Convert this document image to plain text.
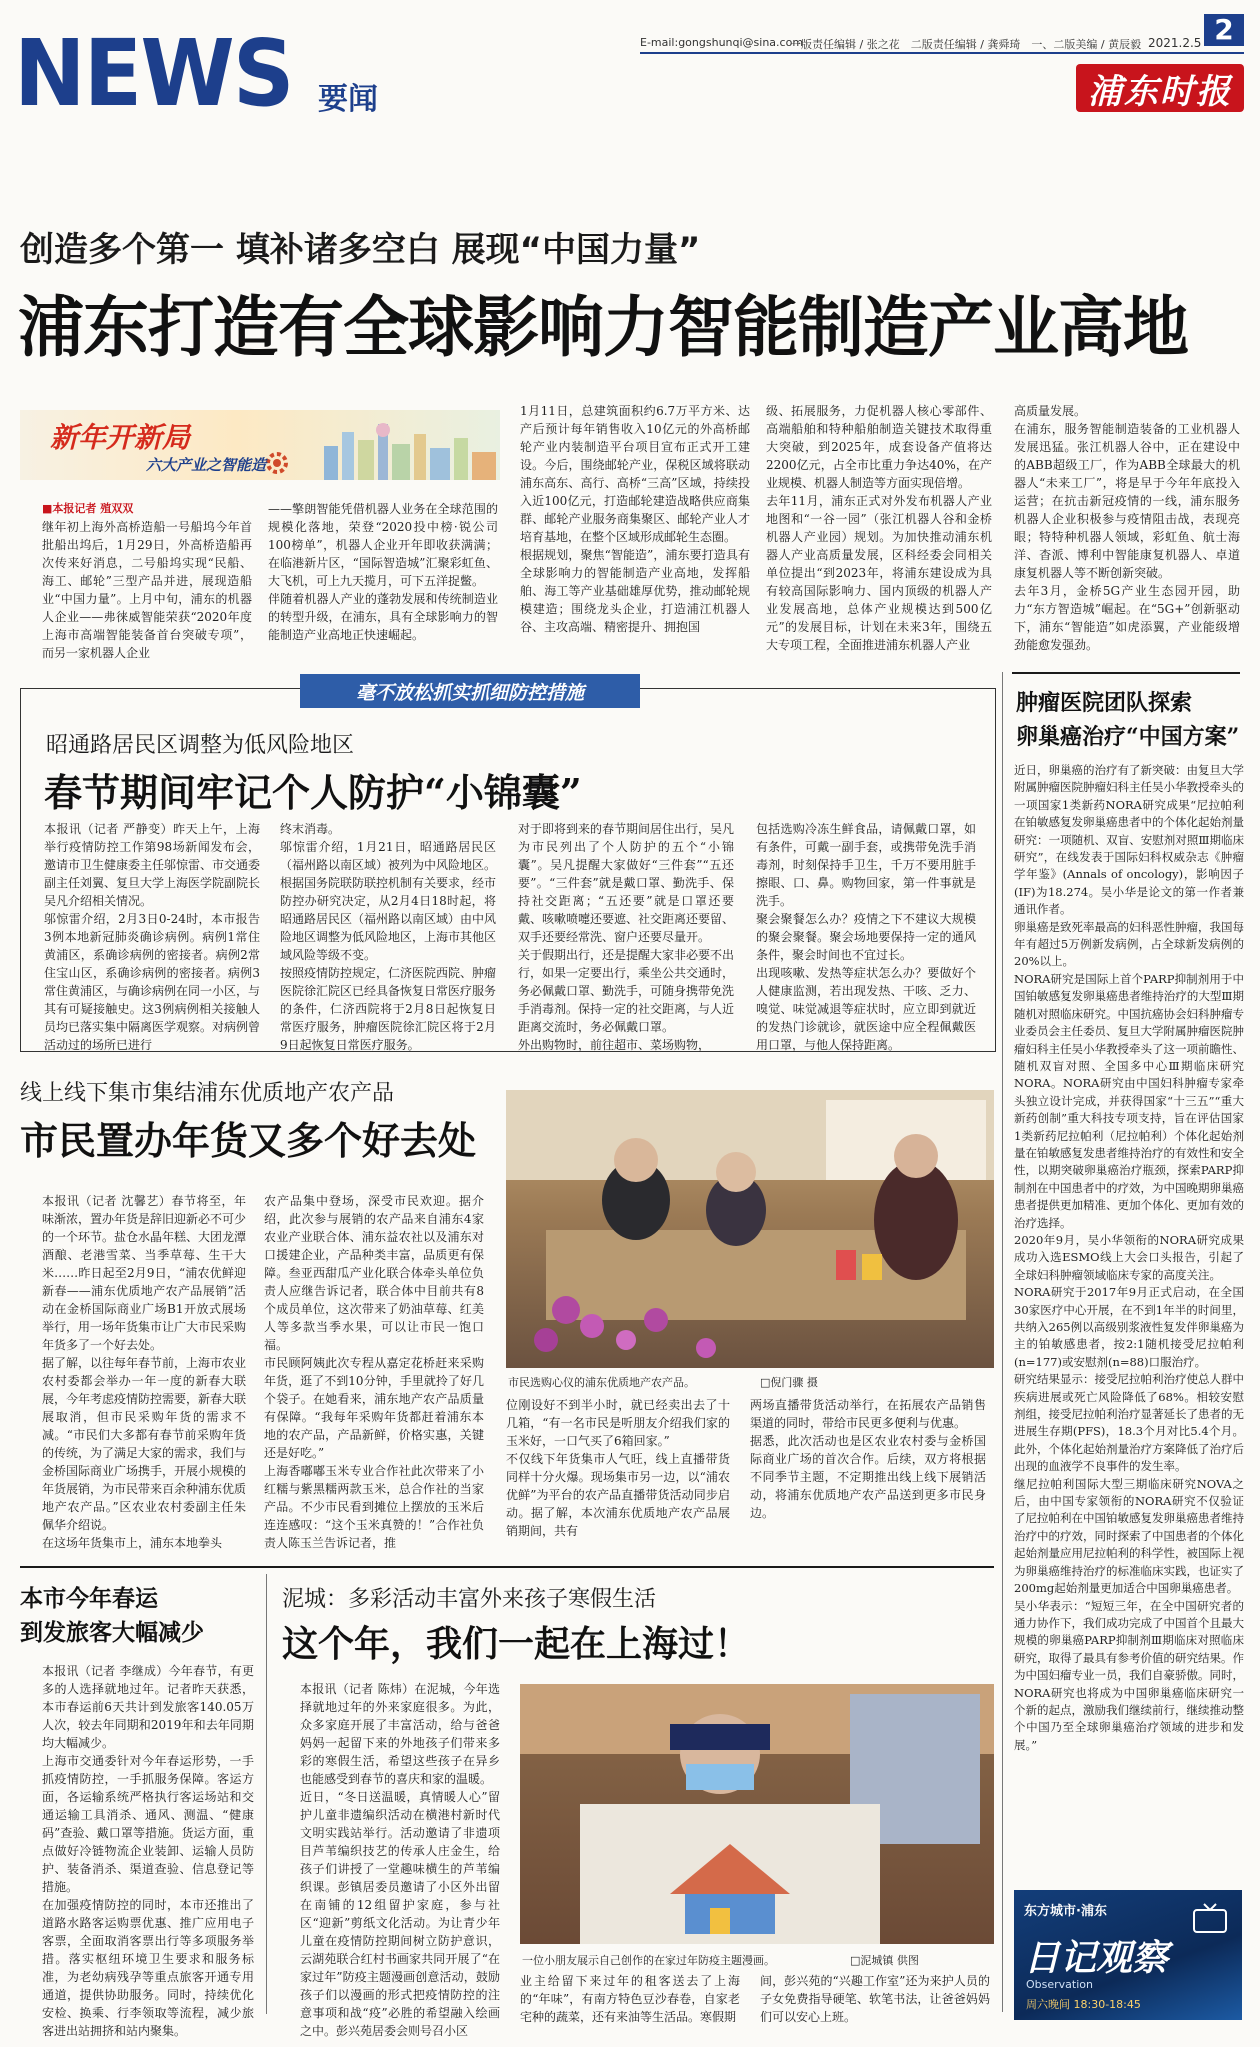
NEWS 要闻
E-mail:gongshunqi@sina.com
一版责任编辑 / 张之花　二版责任编辑 / 龚舜琦　一、二版美编 / 黄辰毅 2021.2.5 2
浦东时报
创造多个第一 填补诸多空白 展现“中国力量”
浦东打造有全球影响力智能制造产业高地
新年开新局
六大产业之智能造
■本报记者 殖双双
继年初上海外高桥造船一号船坞今年首批船出坞后，1月29日，外高桥造船再次传来好消息，二号船坞实现“民船、海工、邮轮”三型产品并进，展现造船业“中国力量”。上月中旬，浦东的机器人企业——弗徕威智能荣获“2020年度上海市高端智能装备首台突破专项”，而另一家机器人企业
——擎朗智能凭借机器人业务在全球范围的规模化落地，荣登“2020投中榜·锐公司100榜单”，机器人企业开年即收获满满；在临港新片区，“国际智造城”汇聚彩虹鱼、大飞机，可上九天揽月，可下五洋捉鳖。
伴随着机器人产业的蓬勃发展和传统制造业的转型升级，在浦东，具有全球影响力的智能制造产业高地正快速崛起。
1月11日，总建筑面积约6.7万平方米、达产后预计每年销售收入10亿元的外高桥邮轮产业内装制造平台项目宣布正式开工建设。今后，围绕邮轮产业，保税区域将联动浦东高东、高行、高桥“三高”区域，持续投入近100亿元，打造邮轮建造战略供应商集群、邮轮产业服务商集聚区、邮轮产业人才培育基地，在整个区域形成邮轮生态圈。
根据规划，聚焦“智能造”，浦东要打造具有全球影响力的智能制造产业高地，发挥船舶、海工等产业基础雄厚优势，推动邮轮规模建造；围绕龙头企业，打造浦江机器人谷、主攻高端、精密提升、拥抱国
级、拓展服务，力促机器人核心零部件、高端船舶和特种船舶制造关键技术取得重大突破，到2025年，成套设备产值将达2200亿元，占全市比重力争达40%，在产业规模、机器人制造等方面实现倍增。
去年11月，浦东正式对外发布机器人产业地图和“一谷一园”（张江机器人谷和金桥机器人产业园）规划。为加快推动浦东机器人产业高质量发展，区科经委会同相关单位提出“到2023年，将浦东建设成为具有较高国际影响力、国内顶级的机器人产业发展高地，总体产业规模达到500亿元”的发展目标，计划在未来3年，围绕五大专项工程，全面推进浦东机器人产业
高质量发展。
在浦东，服务智能制造装备的工业机器人发展迅猛。张江机器人谷中，正在建设中的ABB超级工厂，作为ABB全球最大的机器人“未来工厂”，将是早于今年年底投入运营；在抗击新冠疫情的一线，浦东服务机器人企业积极参与疫情阻击战，表现亮眼；特特种机器人领域，彩虹鱼、航士海洋、杳派、博利中智能康复机器人、卓道康复机器人等不断创新突破。
去年3月，金桥5G产业生态园开园，助力“东方智造城”崛起。在“5G+”创新驱动下，浦东“智能造”如虎添翼，产业能级增劲能愈发强劲。
毫不放松抓实抓细防控措施
昭通路居民区调整为低风险地区
春节期间牢记个人防护“小锦囊”
本报讯（记者 严静变）昨天上午，上海举行疫情防控工作第98场新闻发布会，邀请市卫生健康委主任邬惊雷、市交通委副主任刘翼、复旦大学上海医学院副院长吴凡介绍相关情况。
邬惊雷介绍，2月3日0-24时，本市报告3例本地新冠肺炎确诊病例。病例1常住黄浦区，系确诊病例的密接者。病例2常住宝山区，系确诊病例的密接者。病例3常住黄浦区，与确诊病例在同一小区，与其有可疑接触史。这3例病例相关接触人员均已落实集中隔离医学观察。对病例曾活动过的场所已进行
终末消毒。
邬惊雷介绍，1月21日，昭通路居民区（福州路以南区域）被列为中风险地区。根据国务院联防联控机制有关要求，经市防控办研究决定，从2月4日18时起，将昭通路居民区（福州路以南区域）由中风险地区调整为低风险地区，上海市其他区域风险等级不变。
按照疫情防控规定，仁济医院西院、肿瘤医院徐汇院区已经具备恢复日常医疗服务的条件，仁济西院将于2月8日起恢复日常医疗服务，肿瘤医院徐汇院区将于2月9日起恢复日常医疗服务。
对于即将到来的春节期间居住出行，吴凡为市民列出了个人防护的五个“小锦囊”。吴凡提醒大家做好“三件套”“五还要”。“三件套”就是戴口罩、勤洗手、保持社交距离；“五还要”就是口罩还要戴、咳嗽喷嚏还要遮、社交距离还要留、双手还要经常洗、窗户还要尽量开。
关于假期出行，还是提醒大家非必要不出行，如果一定要出行，乘坐公共交通时，务必佩戴口罩、勤洗手，可随身携带免洗手消毒剂。保持一定的社交距离，与人近距离交流时，务必佩戴口罩。
外出购物时，前往超市、菜场购物，
包括选购冷冻生鲜食品，请佩戴口罩，如有条件，可戴一副手套，或携带免洗手消毒剂，时刻保持手卫生，千万不要用脏手擦眼、口、鼻。购物回家，第一件事就是洗手。
聚会聚餐怎么办？疫情之下不建议大规模的聚会聚餐。聚会场地要保持一定的通风条件，聚会时间也不宜过长。
出现咳嗽、发热等症状怎么办？要做好个人健康监测，若出现发热、干咳、乏力、嗅觉、味觉减退等症状时，应立即到就近的发热门诊就诊，就医途中应全程佩戴医用口罩，与他人保持距离。
肿瘤医院团队探索
卵巢癌治疗“中国方案”
近日，卵巢癌的治疗有了新突破：由复旦大学附属肿瘤医院肿瘤妇科主任吴小华教授牵头的一项国家1类新药NORA研究成果“尼拉帕利在铂敏感复发卵巢癌患者中的个体化起始剂量研究：一项随机、双盲、安慰剂对照Ⅲ期临床研究”，在线发表于国际妇科权威杂志《肿瘤学年鉴》(Annals of oncology)，影响因子(IF)为18.274。吴小华是论文的第一作者兼通讯作者。
卵巢癌是致死率最高的妇科恶性肿瘤，我国每年有超过5万例新发病例，占全球新发病例的20%以上。
NORA研究是国际上首个PARP抑制剂用于中国铂敏感复发卵巢癌患者维持治疗的大型Ⅲ期随机对照临床研究。中国抗癌协会妇科肿瘤专业委员会主任委员、复旦大学附属肿瘤医院肿瘤妇科主任吴小华教授牵头了这一项前瞻性、随机双盲对照、全国多中心Ⅲ期临床研究NORA。NORA研究由中国妇科肿瘤专家牵头独立设计完成，并获得国家“十三五”“重大新药创制”重大科技专项支持，旨在评估国家1类新药尼拉帕利（尼拉帕利）个体化起始剂量在铂敏感复发患者维持治疗的有效性和安全性，以期突破卵巢癌治疗瓶颈，探索PARP抑制剂在中国患者中的疗效，为中国晚期卵巢癌患者提供更加精准、更加个体化、更加有效的治疗选择。
2020年9月，吴小华领衔的NORA研究成果成功入选ESMO线上大会口头报告，引起了全球妇科肿瘤领域临床专家的高度关注。
NORA研究于2017年9月正式启动，在全国30家医疗中心开展，在不到1年半的时间里，共纳入265例以高级别浆液性复发伴卵巢癌为主的铂敏感患者，按2:1随机接受尼拉帕利(n=177)或安慰剂(n=88)口服治疗。
研究结果显示：接受尼拉帕利治疗使总人群中疾病进展或死亡风险降低了68%。相较安慰剂组，接受尼拉帕利治疗显著延长了患者的无进展生存期(PFS)，18.3个月对比5.4个月。此外，个体化起始剂量治疗方案降低了治疗后出现的血液学不良事件的发生率。
继尼拉帕利国际大型三期临床研究NOVA之后，由中国专家领衔的NORA研究不仅验证了尼拉帕利在中国铂敏感复发卵巢癌患者维持治疗中的疗效，同时探索了中国患者的个体化起始剂量应用尼拉帕利的科学性，被国际上视为卵巢癌维持治疗的标准临床实践，也证实了200mg起始剂量更加适合中国卵巢癌患者。
吴小华表示：“短短三年，在全中国研究者的通力协作下，我们成功完成了中国首个且最大规模的卵巢癌PARP抑制剂Ⅲ期临床对照临床研究，取得了最具有参考价值的研究结果。作为中国妇瘤专业一员，我们自豪骄傲。同时，NORA研究也将成为中国卵巢癌临床研究一个新的起点，激励我们继续前行，继续推动整个中国乃至全球卵巢癌治疗领域的进步和发展。”
东方城市·浦东
日记观察
Observation
周六晚间 18:30-18:45
线上线下集市集结浦东优质地产农产品
市民置办年货又多个好去处
本报讯（记者 沈馨艺）春节将至，年味渐浓，置办年货是辞旧迎新必不可少的一个环节。盐仓水晶年糕、大团龙潭酒酿、老港雪菜、当季草莓、生干大米……昨日起至2月9日，“浦农优鲜迎新春——浦东优质地产农产品展销”活动在金桥国际商业广场B1开放式展场举行，用一场年货集市让广大市民采购年货多了一个好去处。
据了解，以往每年春节前，上海市农业农村委都会举办一年一度的新春大联展，今年考虑疫情防控需要，新春大联展取消，但市民采购年货的需求不减。“市民们大多都有春节前采购年货的传统，为了满足大家的需求，我们与金桥国际商业广场携手，开展小规模的年货展销，为市民带来百余种浦东优质地产农产品。”区农业农村委副主任朱佩华介绍说。
在这场年货集市上，浦东本地拳头
农产品集中登场，深受市民欢迎。据介绍，此次参与展销的农产品来自浦东4家农业产业联合体、浦东益农社以及浦东对口援建企业，产品种类丰富，品质更有保障。叁亚西甜瓜产业化联合体牵头单位负责人应继告诉记者，联合体中目前共有8个成员单位，这次带来了奶油草莓、红美人等多款当季水果，可以让市民一饱口福。
市民顾阿姨此次专程从嘉定花桥赶来采购年货，逛了不到10分钟，手里就拎了好几个袋子。在她看来，浦东地产农产品质量有保障。“我每年采购年货都赶着浦东本地的农产品，产品新鲜，价格实惠，关键还是好吃。”
上海香嘟嘟玉米专业合作社此次带来了小红糯与紫黑糯两款玉米，总合作社的当家产品。不少市民看到摊位上摆放的玉米后连连感叹：“这个玉米真赞的！”合作社负责人陈玉兰告诉记者，推
市民选购心仪的浦东优质地产农产品。	□倪门骤 摄
位刚设好不到半小时，就已经卖出去了十几箱，“有一名市民是听朋友介绍我们家的玉米好，一口气买了6箱回家。”
不仅线下年货集市人气旺，线上直播带货同样十分火爆。现场集市另一边，以“浦农优鲜”为平台的农产品直播带货活动同步启动。据了解，本次浦东优质地产农产品展销期间，共有
两场直播带货活动举行，在拓展农产品销售渠道的同时，带给市民更多便利与优惠。
据悉，此次活动也是区农业农村委与金桥国际商业广场的首次合作。后续，双方将根据不同季节主题，不定期推出线上线下展销活动，将浦东优质地产农产品送到更多市民身边。
本市今年春运
到发旅客大幅减少
本报讯（记者 李继成）今年春节，有更多的人选择就地过年。记者昨天获悉，本市春运前6天共计到发旅客140.05万人次，较去年同期和2019年和去年同期均大幅减少。
上海市交通委针对今年春运形势，一手抓疫情防控，一手抓服务保障。客运方面，各运输系统严格执行客运场站和交通运输工具消杀、通风、测温、“健康码”查验、戴口罩等措施。货运方面，重点做好冷链物流企业装卸、运输人员防护、装备消杀、渠道查验、信息登记等措施。
在加强疫情防控的同时，本市还推出了道路水路客运购票优惠、推广应用电子客票，全面取消客票出行等多项服务举措。落实枢纽环境卫生要求和服务标准，为老幼病残孕等重点旅客开通专用通道，提供协助服务。同时，持续优化安检、换乘、行李领取等流程，减少旅客进出站拥挤和站内聚集。
泥城：多彩活动丰富外来孩子寒假生活
这个年，我们一起在上海过！
本报讯（记者 陈炜）在泥城，今年选择就地过年的外来家庭很多。为此，众多家庭开展了丰富活动，给与爸爸妈妈一起留下来的外地孩子们带来多彩的寒假生活，希望这些孩子在异乡也能感受到春节的喜庆和家的温暖。
近日，“冬日送温暖，真情暖人心”留护儿童非遗编织活动在横港村新时代文明实践站举行。活动邀请了非遗项目芦苇编织技艺的传承人庄金生，给孩子们讲授了一堂趣味横生的芦苇编织课。彭镇居委员邀请了小区外出留在南铺的12组留护家庭，参与社区“迎新”剪纸文化活动。为让青少年儿童在疫情防控期间树立防护意识，云湖苑联合红村书画家共同开展了“在家过年”防疫主题漫画创意活动，鼓励孩子们以漫画的形式把疫情防控的注意事项和战“疫”必胜的希望融入绘画之中。彭兴苑居委会则号召小区
一位小朋友展示自己创作的在家过年防疫主题漫画。	□泥城镇 供图
业主给留下来过年的租客送去了上海的“年味”，有南方特色豆沙春卷，自家老宅种的蔬菜，还有来油等生活品。寒假期
间，彭兴苑的“兴趣工作室”还为来护人员的子女免费指导硬笔、软笔书法，让爸爸妈妈们可以安心上班。
